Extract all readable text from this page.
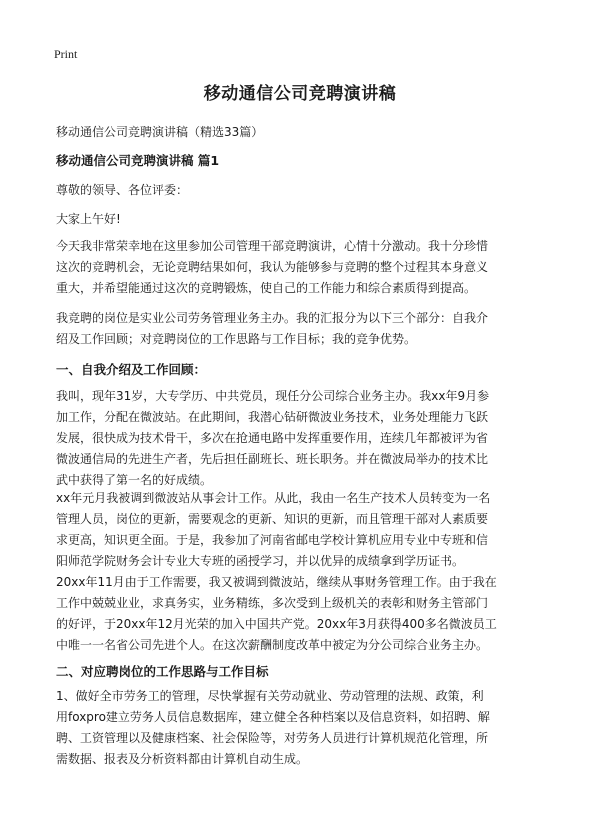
Print
移动通信公司竞聘演讲稿

移动通信公司竞聘演讲稿（精选33篇）

移动通信公司竞聘演讲稿 篇1

尊敬的领导、各位评委：

大家上午好!

今天我非常荣幸地在这里参加公司管理干部竞聘演讲，心情十分激动。我十分珍惜
这次的竞聘机会，无论竞聘结果如何，我认为能够参与竞聘的整个过程其本身意义
重大，并希望能通过这次的竞聘锻炼，使自己的工作能力和综合素质得到提高。

我竞聘的岗位是实业公司劳务管理业务主办。我的汇报分为以下三个部分：自我介
绍及工作回顾；对竞聘岗位的工作思路与工作目标；我的竞争优势。

一、自我介绍及工作回顾：

我叫，现年31岁，大专学历、中共党员，现任分公司综合业务主办。我xx年9月参
加工作，分配在微波站。在此期间，我潜心钻研微波业务技术，业务处理能力飞跃
发展，很快成为技术骨干，多次在抢通电路中发挥重要作用，连续几年都被评为省
微波通信局的先进生产者，先后担任副班长、班长职务。并在微波局举办的技术比
武中获得了第一名的好成绩。

xx年元月我被调到微波站从事会计工作。从此，我由一名生产技术人员转变为一名
管理人员，岗位的更新，需要观念的更新、知识的更新，而且管理干部对人素质要
求更高，知识更全面。于是，我参加了河南省邮电学校计算机应用专业中专班和信
阳师范学院财务会计专业大专班的函授学习，并以优异的成绩拿到学历证书。

20xx年11月由于工作需要，我又被调到微波站，继续从事财务管理工作。由于我在
工作中兢兢业业，求真务实，业务精练，多次受到上级机关的表彰和财务主管部门
的好评，于20xx年12月光荣的加入中国共产党。20xx年3月获得400多名微波员工
中唯一一名省公司先进个人。在这次薪酬制度改革中被定为分公司综合业务主办。

二、对应聘岗位的工作思路与工作目标

1、做好全市劳务工的管理，尽快掌握有关劳动就业、劳动管理的法规、政策，利
用foxpro建立劳务人员信息数据库，建立健全各种档案以及信息资料，如招聘、解
聘、工资管理以及健康档案、社会保险等，对劳务人员进行计算机规范化管理，所
需数据、报表及分析资料都由计算机自动生成。
